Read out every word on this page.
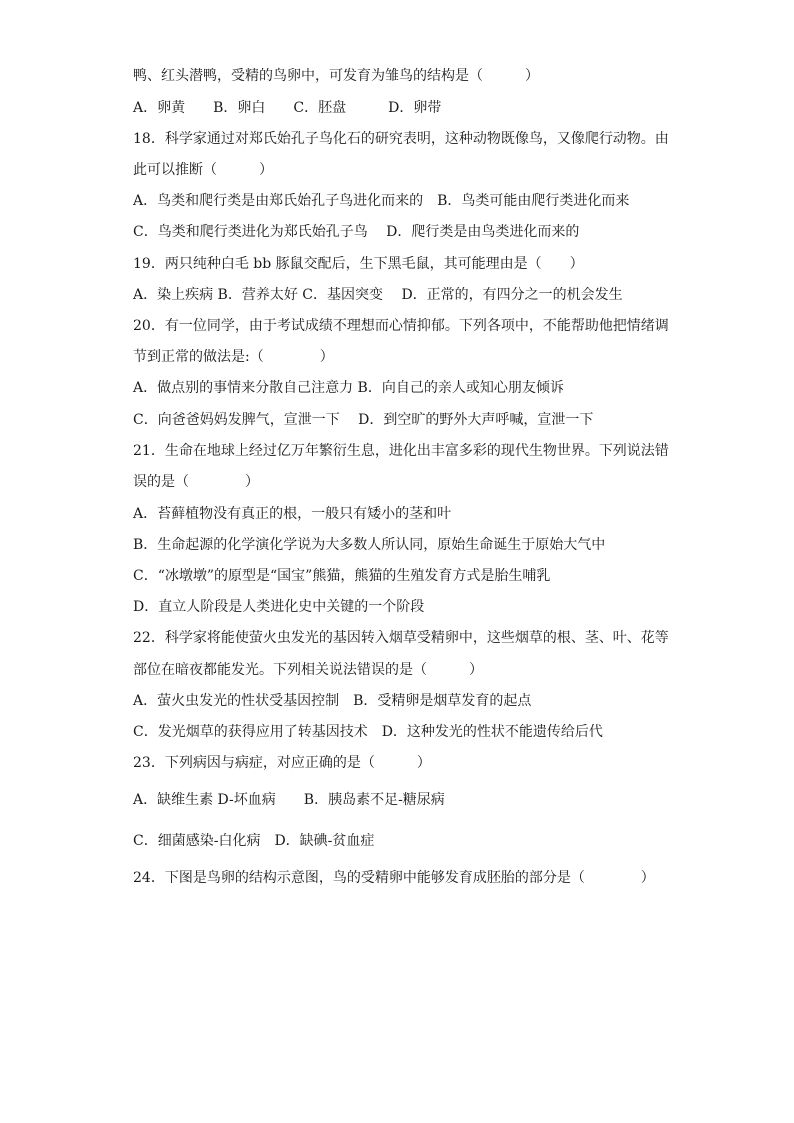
鸭、红头潜鸭，受精的鸟卵中，可发育为雏鸟的结构是（　　　）
A．卵黄　　B．卵白　　C．胚盘　　　D．卵带
18．科学家通过对郑氏始孔子鸟化石的研究表明，这种动物既像鸟，又像爬行动物。由
此可以推断（　　　）
A．鸟类和爬行类是由郑氏始孔子鸟进化而来的　B．鸟类可能由爬行类进化而来
C．鸟类和爬行类进化为郑氏始孔子鸟　 D．爬行类是由鸟类进化而来的
19．两只纯种白毛 bb 豚鼠交配后，生下黑毛鼠，其可能理由是（　　）
A．染上疾病 B．营养太好 C．基因突变　 D．正常的，有四分之一的机会发生
20．有一位同学，由于考试成绩不理想而心情抑郁。下列各项中，不能帮助他把情绪调
节到正常的做法是:（　　　　）
A．做点别的事情来分散自己注意力 B．向自己的亲人或知心朋友倾诉
C．向爸爸妈妈发脾气，宣泄一下　 D．到空旷的野外大声呼喊，宣泄一下
21．生命在地球上经过亿万年繁衍生息，进化出丰富多彩的现代生物世界。下列说法错
误的是（　　　　）
A．苔藓植物没有真正的根，一般只有矮小的茎和叶
B．生命起源的化学演化学说为大多数人所认同，原始生命诞生于原始大气中
C．“冰墩墩”的原型是“国宝”熊猫，熊猫的生殖发育方式是胎生哺乳
D．直立人阶段是人类进化史中关键的一个阶段
22．科学家将能使萤火虫发光的基因转入烟草受精卵中，这些烟草的根、茎、叶、花等
部位在暗夜都能发光。下列相关说法错误的是（　　　）
A．萤火虫发光的性状受基因控制　B．受精卵是烟草发育的起点
C．发光烟草的获得应用了转基因技术　D．这种发光的性状不能遗传给后代
23．下列病因与病症，对应正确的是（　　　）
A．缺维生素 D-坏血病　　B．胰岛素不足-糖尿病
C．细菌感染-白化病　D．缺碘-贫血症
24．下图是鸟卵的结构示意图，鸟的受精卵中能够发育成胚胎的部分是（　　　　）
